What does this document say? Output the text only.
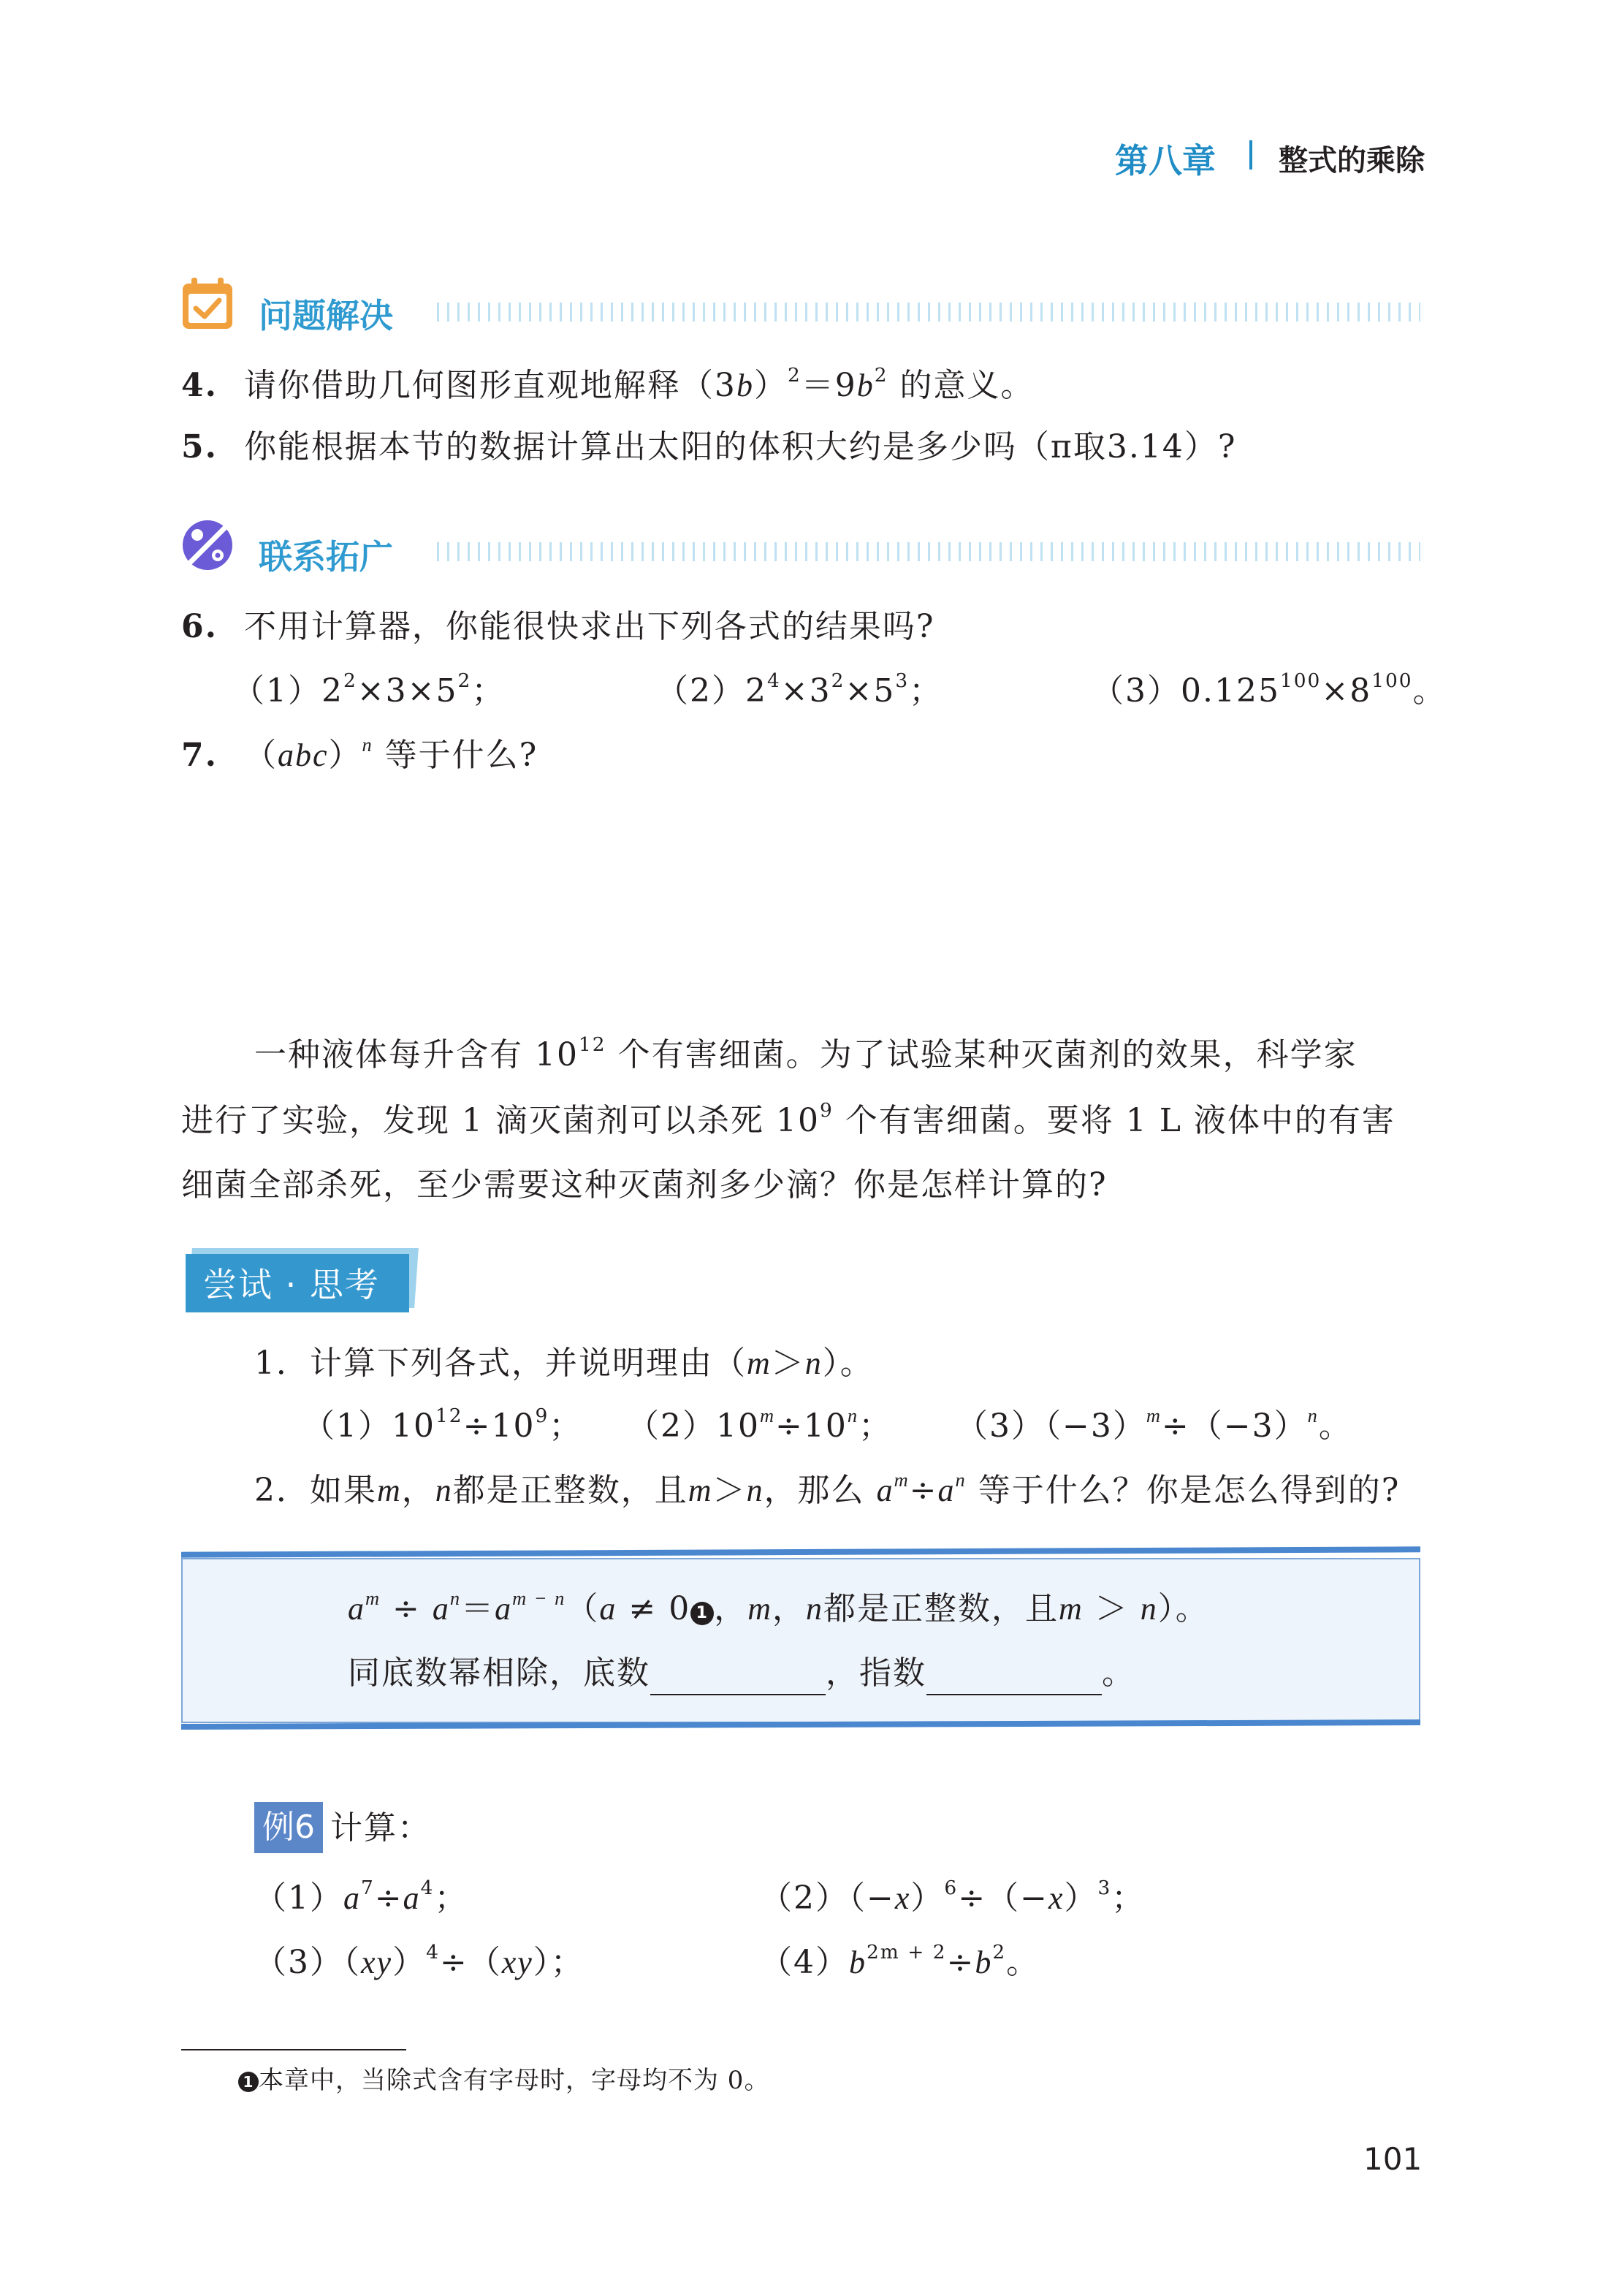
第八章 整式的乘除
问题解决
4. 请你借助几何图形直观地解释$(3b)^2=9b^2$ 的意义。
5. 你能根据本节的数据计算出太阳的体积大约是多少吗（π取3.14）?
联系拓广
6. 不用计算器，你能很快求出下列各式的结果吗?
$(1)2^2\times 3\times 5^2$；	$(2)2^4\times 3^2\times 5^3$；	$(3)0.125^{100}\times 8^{100}$。
7. （abc）$^n$ 等于什么?
一种液体每升含有 $10^{12}$ 个有害细菌。为了试验某种灭菌剂的效果，科学家
进行了实验，发现 1 滴灭菌剂可以杀死 $10^9$ 个有害细菌。要将 1 L 液体中的有害
细菌全部杀死，至少需要这种灭菌剂多少滴？你是怎样计算的?
尝试 · 思考
1．计算下列各式，并说明理由（m＞n）。
$(1)10^{12}\div 10^9$； $(2)10^m\div 10^n$； $(3)(-3)^m\div(-3)^n$。
2．如果m，n都是正整数，且m＞n，那么 $a^m\div a^n$ 等于什么？你是怎么得到的?
$a^m \div a^n=a^{m - n}(a \ne 0$ 1 ，m，n都是正整数，且m ＞ n）。
同底数幂相除，底数	，指数	。
例6 计算：
$(1)a^7\div a^4$；	$(2)(-x)^6\div(-x)^3$；
（3）（xy）$^4$÷（xy）；	$(4)b^{2m + 2}\div b^2$。
1 本章中，当除式含有字母时，字母均不为 0。
101
